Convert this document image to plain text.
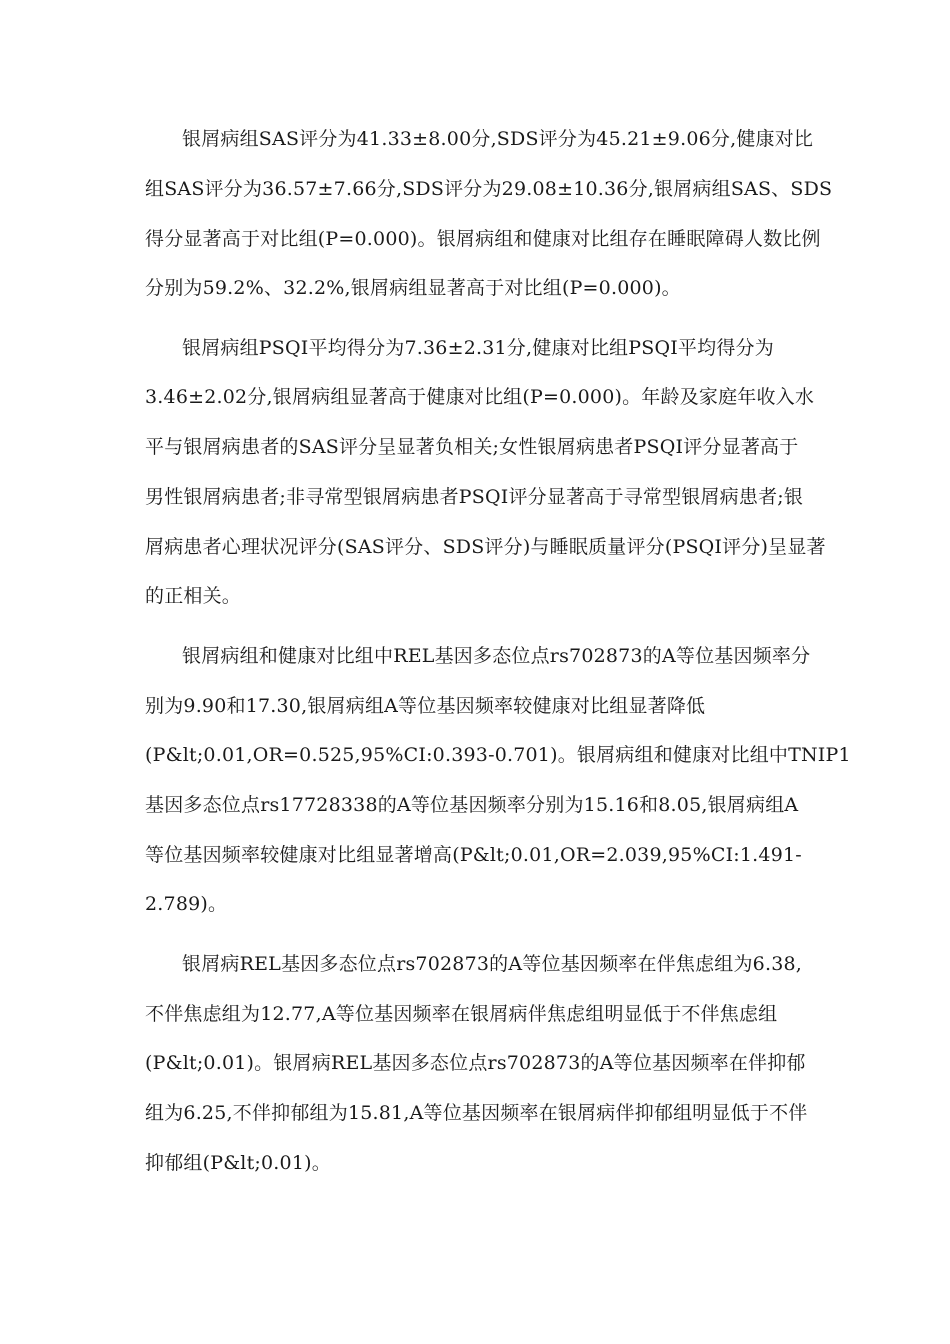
银屑病组SAS评分为41.33±8.00分,SDS评分为45.21±9.06分,健康对比
组SAS评分为36.57±7.66分,SDS评分为29.08±10.36分,银屑病组SAS、SDS
得分显著高于对比组(P=0.000)。银屑病组和健康对比组存在睡眠障碍人数比例
分别为59.2%、32.2%,银屑病组显著高于对比组(P=0.000)。
银屑病组PSQI平均得分为7.36±2.31分,健康对比组PSQI平均得分为
3.46±2.02分,银屑病组显著高于健康对比组(P=0.000)。年龄及家庭年收入水
平与银屑病患者的SAS评分呈显著负相关;女性银屑病患者PSQI评分显著高于
男性银屑病患者;非寻常型银屑病患者PSQI评分显著高于寻常型银屑病患者;银
屑病患者心理状况评分(SAS评分、SDS评分)与睡眠质量评分(PSQI评分)呈显著
的正相关。
银屑病组和健康对比组中REL基因多态位点rs702873的A等位基因频率分
别为9.90和17.30,银屑病组A等位基因频率较健康对比组显著降低
(P&lt;0.01,OR=0.525,95%CI:0.393-0.701)。银屑病组和健康对比组中TNIP1
基因多态位点rs17728338的A等位基因频率分别为15.16和8.05,银屑病组A
等位基因频率较健康对比组显著增高(P&lt;0.01,OR=2.039,95%CI:1.491-
2.789)。
银屑病REL基因多态位点rs702873的A等位基因频率在伴焦虑组为6.38,
不伴焦虑组为12.77,A等位基因频率在银屑病伴焦虑组明显低于不伴焦虑组
(P&lt;0.01)。银屑病REL基因多态位点rs702873的A等位基因频率在伴抑郁
组为6.25,不伴抑郁组为15.81,A等位基因频率在银屑病伴抑郁组明显低于不伴
抑郁组(P&lt;0.01)。
